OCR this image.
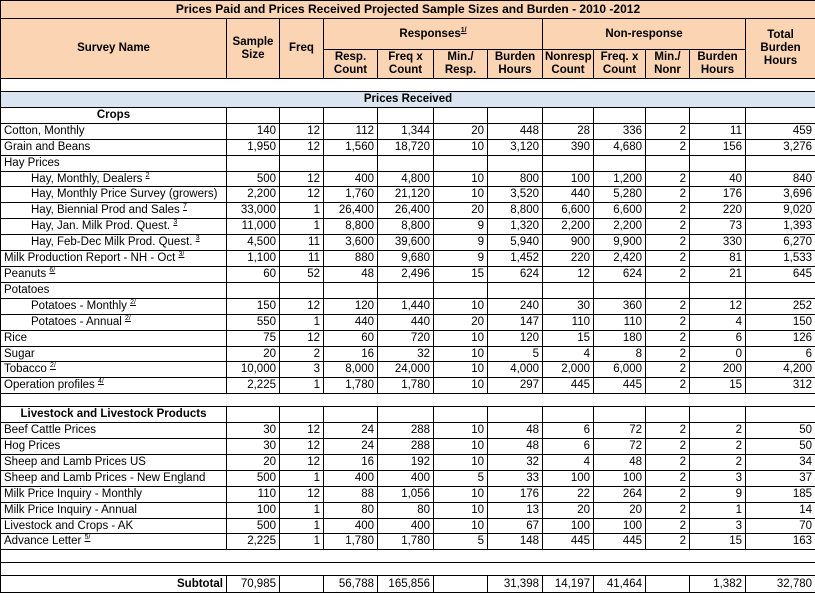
Prices Paid and Prices Received Projected Sample Sizes and Burden - 2010 -2012											
Survey Name	Sample Size	Freq	Responses$^{1/}$				Non-response				Total Burden Hours
			Resp. Count	Freq x Count	Min./ Resp.	Burden Hours	Nonresp Count	Freq. x Count	Min./ Nonr	Burden Hours	

Prices Received											
Crops											
Cotton, Monthly	140	12	112	1,344	20	448	28	336	2	11	459
Grain and Beans	1,950	12	1,560	18,720	10	3,120	390	4,680	2	156	3,276
Hay Prices											
Hay, Monthly, Dealers $^2$	500	12	400	4,800	10	800	100	1,200	2	40	840
Hay, Monthly Price Survey (growers)	2,200	12	1,760	21,120	10	3,520	440	5,280	2	176	3,696
Hay, Biennial Prod and Sales $^7$	33,000	1	26,400	26,400	20	8,800	6,600	6,600	2	220	9,020
Hay, Jan. Milk Prod. Quest. $^3$	11,000	1	8,800	8,800	9	1,320	2,200	2,200	2	73	1,393
Hay, Feb-Dec Milk Prod. Quest. $^3$	4,500	11	3,600	39,600	9	5,940	900	9,900	2	330	6,270
Milk Production Report - NH - Oct $^{3/}$	1,100	11	880	9,680	9	1,452	220	2,420	2	81	1,533
Peanuts $^{6/}$	60	52	48	2,496	15	624	12	624	2	21	645
Potatoes											
Potatoes - Monthly $^{2/}$	150	12	120	1,440	10	240	30	360	2	12	252
Potatoes - Annual $^{2/}$	550	1	440	440	20	147	110	110	2	4	150
Rice	75	12	60	720	10	120	15	180	2	6	126
Sugar	20	2	16	32	10	5	4	8	2	0	6
Tobacco $^{2/}$	10,000	3	8,000	24,000	10	4,000	2,000	6,000	2	200	4,200
Operation profiles $^{4/}$	2,225	1	1,780	1,780	10	297	445	445	2	15	312

Livestock and Livestock Products											
Beef Cattle Prices	30	12	24	288	10	48	6	72	2	2	50
Hog Prices	30	12	24	288	10	48	6	72	2	2	50
Sheep and Lamb Prices US	20	12	16	192	10	32	4	48	2	2	34
Sheep and Lamb Prices - New England	500	1	400	400	5	33	100	100	2	3	37
Milk Price Inquiry - Monthly	110	12	88	1,056	10	176	22	264	2	9	185
Milk Price Inquiry - Annual	100	1	80	80	10	13	20	20	2	1	14
Livestock and Crops - AK	500	1	400	400	10	67	100	100	2	3	70
Advance Letter $^{5/}$	2,225	1	1,780	1,780	5	148	445	445	2	15	163

Subtotal	70,985		56,788	165,856		31,398	14,197	41,464		1,382	32,780
